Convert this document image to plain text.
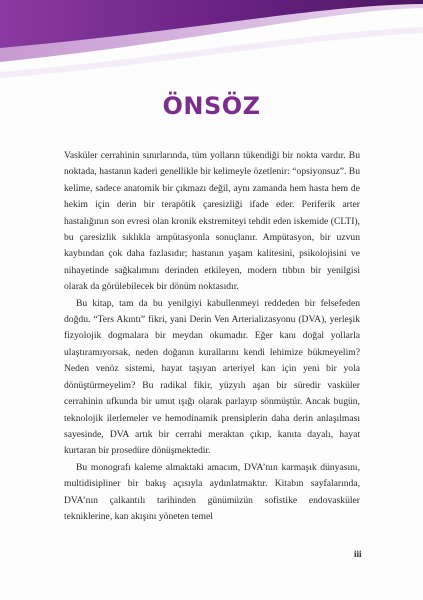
ÖNSÖZ

Vasküler cerrahinin sınırlarında, tüm yolların tükendiği bir nokta vardır. Bu noktada, hastanın kaderi genellikle bir kelimeyle özetlenir: “opsiyonsuz”. Bu kelime, sadece anatomik bir çıkmazı değil, aynı zamanda hem hasta hem de hekim için derin bir terapötik çaresizliği ifade eder. Periferik arter hastalığının son evresi olan kronik ekstremiteyi tehdit eden iskemide (CLTI), bu çaresizlik sıklıkla ampütasyonla sonuçlanır. Ampütasyon, bir uzvun kaybından çok daha fazlasıdır; hastanın yaşam kalitesini, psikolojisini ve nihayetinde sağkalımını derinden etkileyen, modern tıbbın bir yenilgisi olarak da görülebilecek bir dönüm noktasıdır.

Bu kitap, tam da bu yenilgiyi kabullenmeyi reddeden bir felsefeden doğdu. “Ters Akıntı” fikri, yani Derin Ven Arterializasyonu (DVA), yerleşik fizyolojik dogmalara bir meydan okumadır. Eğer kanı doğal yollarla ulaştıramıyorsak, neden doğanın kurallarını kendi lehimize bükmeyelim? Neden venöz sistemi, hayat taşıyan arteriyel kan için yeni bir yola dönüştürmeyelim? Bu radikal fikir, yüzyılı aşan bir süredir vasküler cerrahinin ufkunda bir umut ışığı olarak parlayıp sönmüştür. Ancak bugün, teknolojik ilerlemeler ve hemodinamik prensiplerin daha derin anlaşılması sayesinde, DVA artık bir cerrahi meraktan çıkıp, kanıta dayalı, hayat kurtaran bir prosedüre dönüşmektedir.

Bu monografı kaleme almaktaki amacım, DVA’nın karmaşık dünyasını, multidisipliner bir bakış açısıyla aydınlatmaktır. Kitabın sayfalarında, DVA’nın çalkantılı tarihinden günümüzün sofistike endovasküler tekniklerine, kan akışını yöneten temel

iii
